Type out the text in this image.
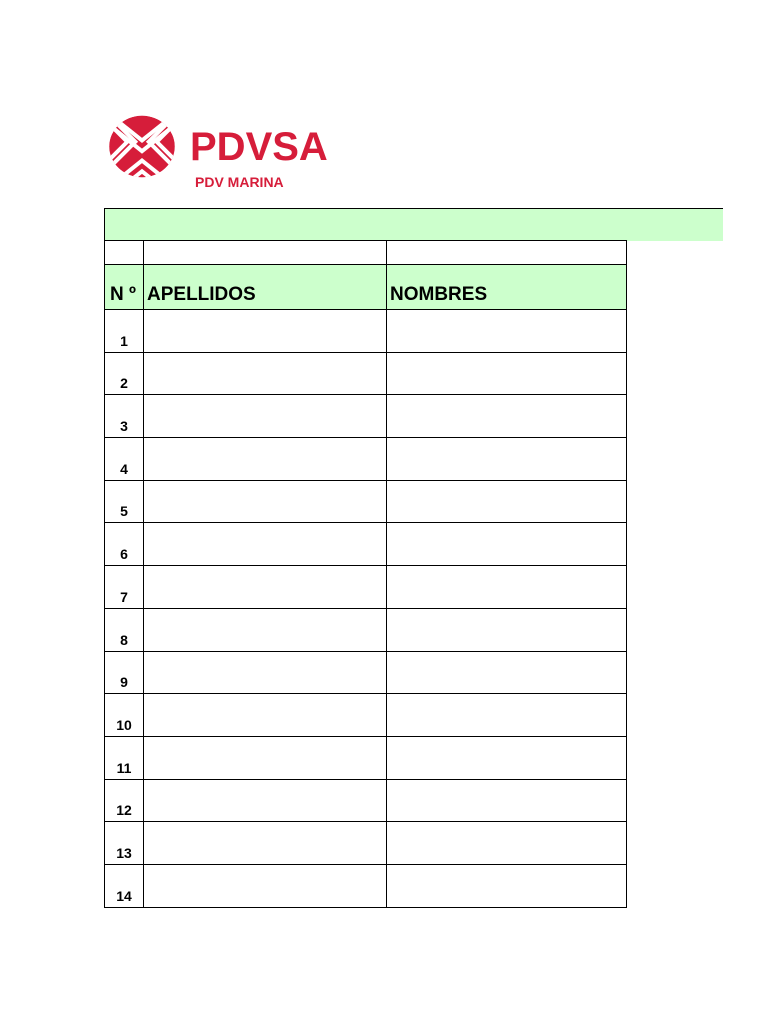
PDVSA
PDV MARINA

N º	APELLIDOS	NOMBRES
1		
2		
3		
4		
5		
6		
7		
8		
9		
10		
11		
12		
13		
14		
